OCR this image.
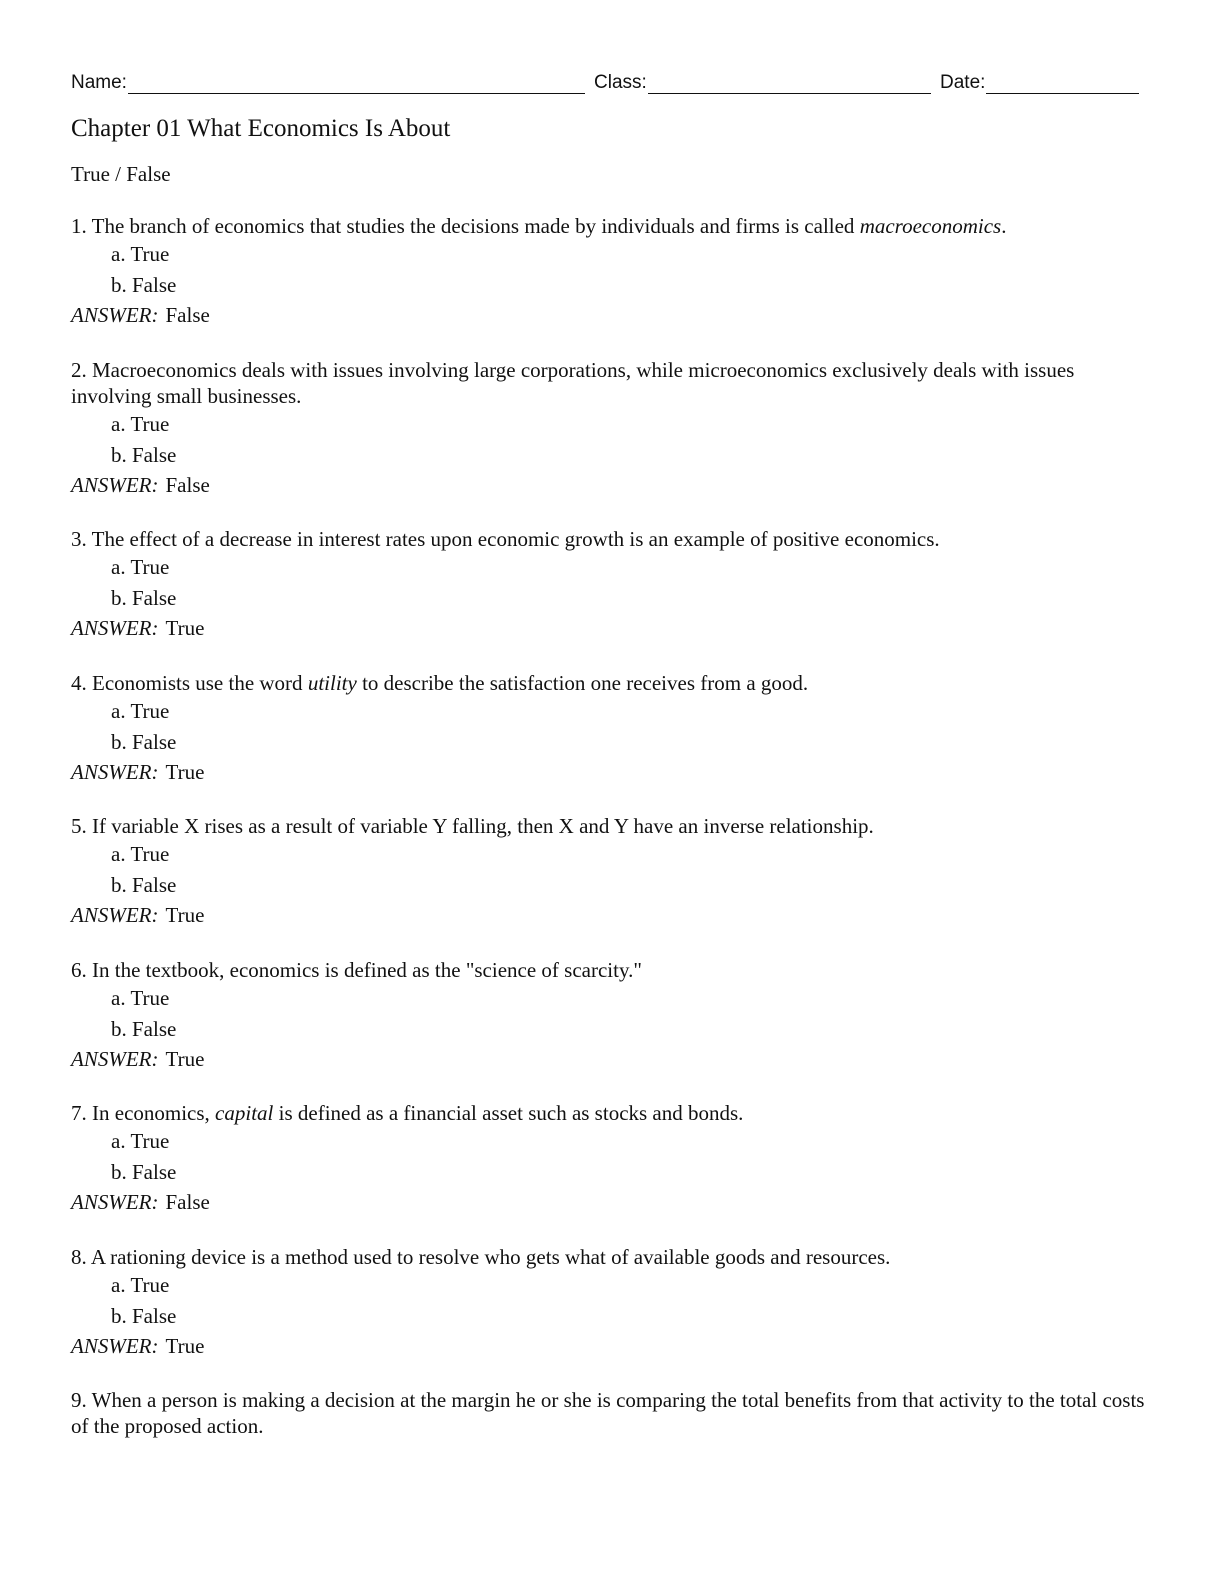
Name:	Class:	Date:
Chapter 01 What Economics Is About

True / False

1. The branch of economics that studies the decisions made by individuals and firms is called macroeconomics.

a. True

b. False

ANSWER: False

2. Macroeconomics deals with issues involving large corporations, while microeconomics exclusively deals with issues involving small businesses.

a. True

b. False

ANSWER: False

3. The effect of a decrease in interest rates upon economic growth is an example of positive economics.

a. True

b. False

ANSWER: True

4. Economists use the word utility to describe the satisfaction one receives from a good.

a. True

b. False

ANSWER: True

5. If variable X rises as a result of variable Y falling, then X and Y have an inverse relationship.

a. True

b. False

ANSWER: True

6. In the textbook, economics is defined as the "science of scarcity."

a. True

b. False

ANSWER: True

7. In economics, capital is defined as a financial asset such as stocks and bonds.

a. True

b. False

ANSWER: False

8. A rationing device is a method used to resolve who gets what of available goods and resources.

a. True

b. False

ANSWER: True

9. When a person is making a decision at the margin he or she is comparing the total benefits from that activity to the total costs of the proposed action.
